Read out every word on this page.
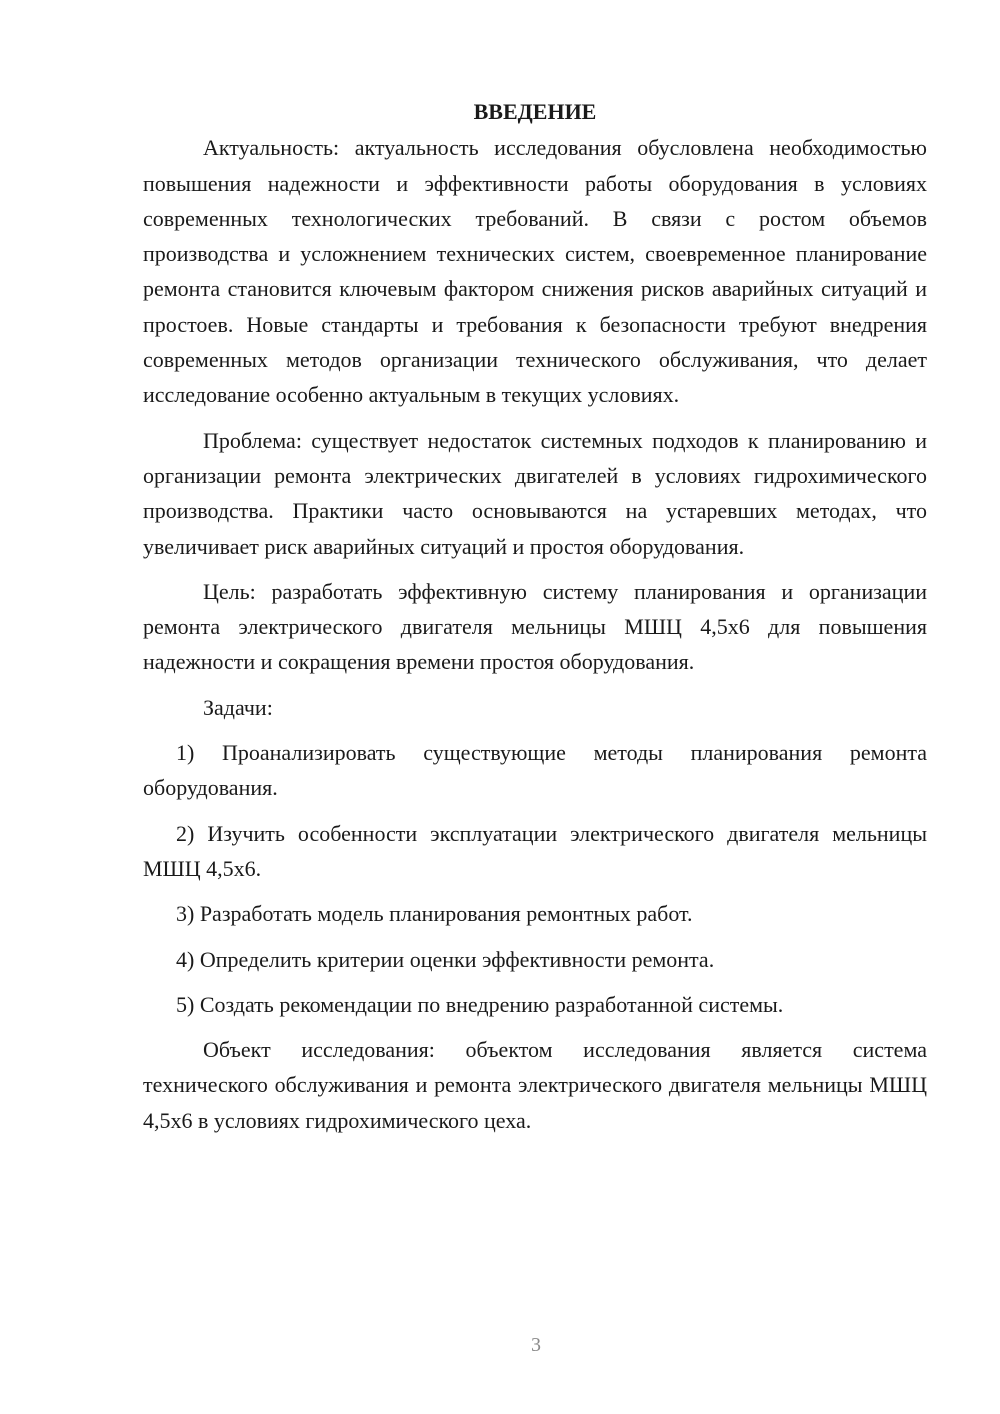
ВВЕДЕНИЕ

Актуальность: актуальность исследования обусловлена необходимостью повышения надежности и эффективности работы оборудования в условиях современных технологических требований. В связи с ростом объемов производства и усложнением технических систем, своевременное планирование ремонта становится ключевым фактором снижения рисков аварийных ситуаций и простоев. Новые стандарты и требования к безопасности требуют внедрения современных методов организации технического обслуживания, что делает исследование особенно актуальным в текущих условиях.

Проблема: существует недостаток системных подходов к планированию и организации ремонта электрических двигателей в условиях гидрохимического производства. Практики часто основываются на устаревших методах, что увеличивает риск аварийных ситуаций и простоя оборудования.

Цель: разработать эффективную систему планирования и организации ремонта электрического двигателя мельницы МШЦ 4,5х6 для повышения надежности и сокращения времени простоя оборудования.

Задачи:

1) Проанализировать существующие методы планирования ремонта оборудования.

2) Изучить особенности эксплуатации электрического двигателя мельницы МШЦ 4,5х6.

3) Разработать модель планирования ремонтных работ.

4) Определить критерии оценки эффективности ремонта.

5) Создать рекомендации по внедрению разработанной системы.

Объект исследования: объектом исследования является система технического обслуживания и ремонта электрического двигателя мельницы МШЦ 4,5х6 в условиях гидрохимического цеха.

3
